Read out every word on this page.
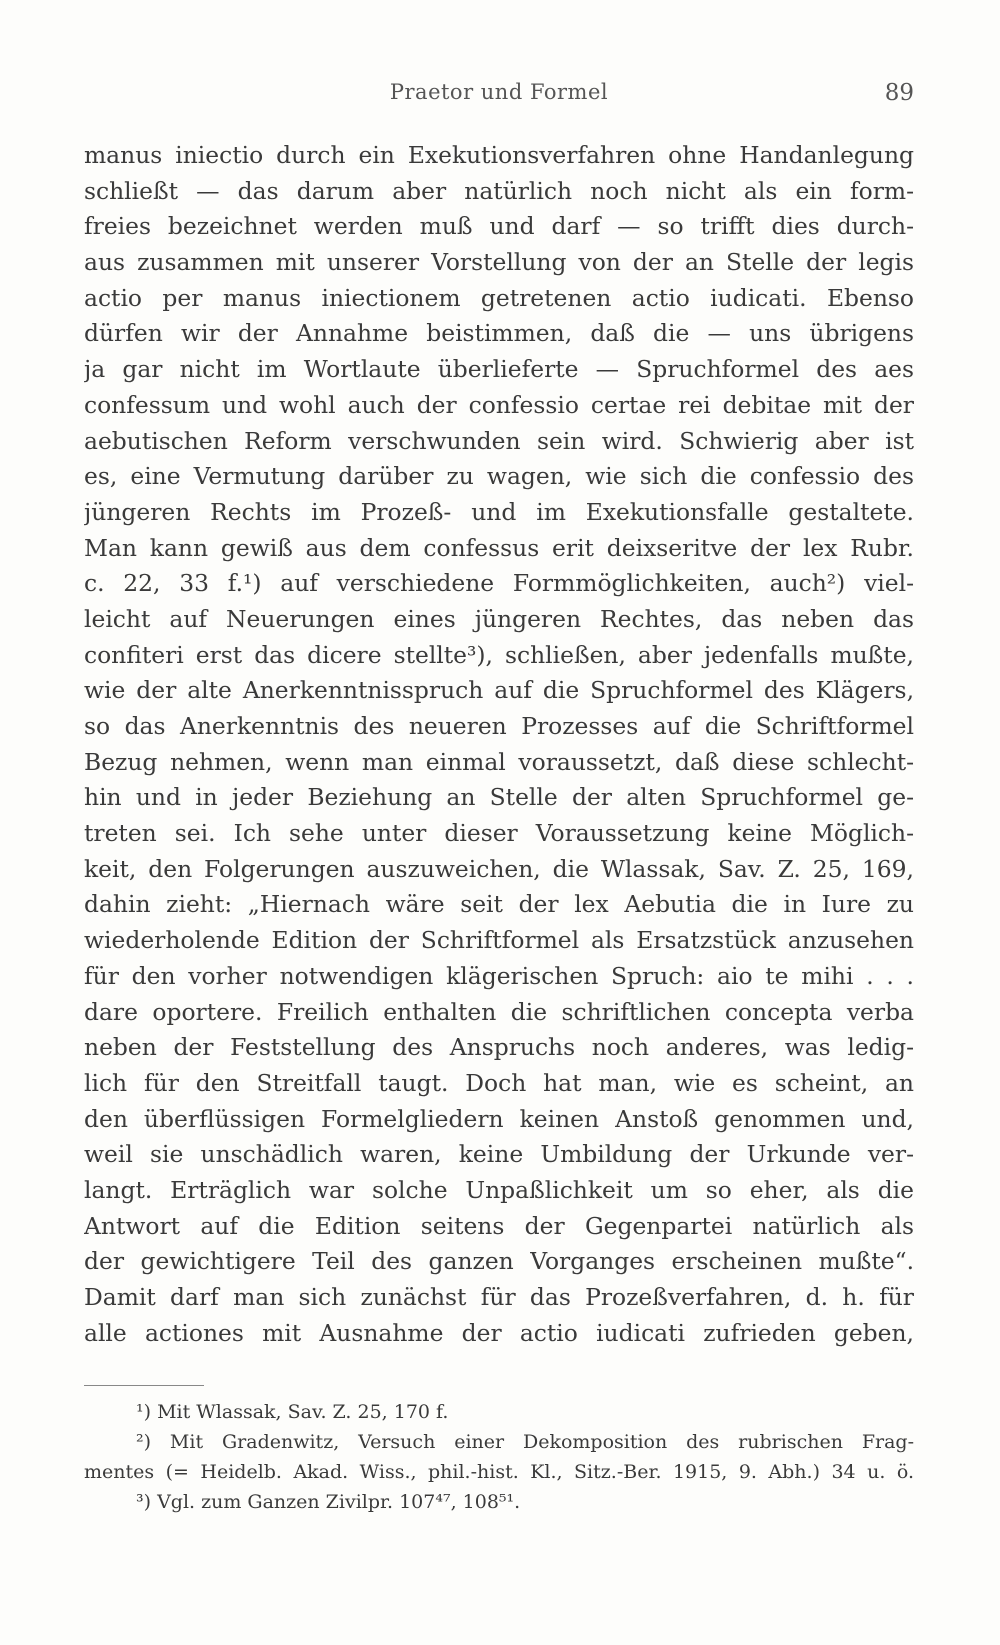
Praetor und Formel	89
manus iniectio durch ein Exekutionsverfahren ohne Handanlegung
schließt — das darum aber natürlich noch nicht als ein form-
freies bezeichnet werden muß und darf — so trifft dies durch-
aus zusammen mit unserer Vorstellung von der an Stelle der legis
actio per manus iniectionem getretenen actio iudicati. Ebenso
dürfen wir der Annahme beistimmen, daß die — uns übrigens
ja gar nicht im Wortlaute überlieferte — Spruchformel des aes
confessum und wohl auch der confessio certae rei debitae mit der
aebutischen Reform verschwunden sein wird. Schwierig aber ist
es, eine Vermutung darüber zu wagen, wie sich die confessio des
jüngeren Rechts im Prozeß- und im Exekutionsfalle gestaltete.
Man kann gewiß aus dem confessus erit deixseritve der lex Rubr.
c. 22, 33 f.¹) auf verschiedene Formmöglichkeiten, auch²) viel-
leicht auf Neuerungen eines jüngeren Rechtes, das neben das
confiteri erst das dicere stellte³), schließen, aber jedenfalls mußte,
wie der alte Anerkenntnisspruch auf die Spruchformel des Klägers,
so das Anerkenntnis des neueren Prozesses auf die Schriftformel
Bezug nehmen, wenn man einmal voraussetzt, daß diese schlecht-
hin und in jeder Beziehung an Stelle der alten Spruchformel ge-
treten sei. Ich sehe unter dieser Voraussetzung keine Möglich-
keit, den Folgerungen auszuweichen, die Wlassak, Sav. Z. 25, 169,
dahin zieht: „Hiernach wäre seit der lex Aebutia die in Iure zu
wiederholende Edition der Schriftformel als Ersatzstück anzusehen
für den vorher notwendigen klägerischen Spruch: aio te mihi . . .
dare oportere. Freilich enthalten die schriftlichen concepta verba
neben der Feststellung des Anspruchs noch anderes, was ledig-
lich für den Streitfall taugt. Doch hat man, wie es scheint, an
den überflüssigen Formelgliedern keinen Anstoß genommen und,
weil sie unschädlich waren, keine Umbildung der Urkunde ver-
langt. Erträglich war solche Unpaßlichkeit um so eher, als die
Antwort auf die Edition seitens der Gegenpartei natürlich als
der gewichtigere Teil des ganzen Vorganges erscheinen mußte“.
Damit darf man sich zunächst für das Prozeßverfahren, d. h. für
alle actiones mit Ausnahme der actio iudicati zufrieden geben,
¹) Mit Wlassak, Sav. Z. 25, 170 f.
²) Mit Gradenwitz, Versuch einer Dekomposition des rubrischen Frag-
mentes (= Heidelb. Akad. Wiss., phil.-hist. Kl., Sitz.-Ber. 1915, 9. Abh.) 34 u. ö.
³) Vgl. zum Ganzen Zivilpr. 107⁴⁷, 108⁵¹.
